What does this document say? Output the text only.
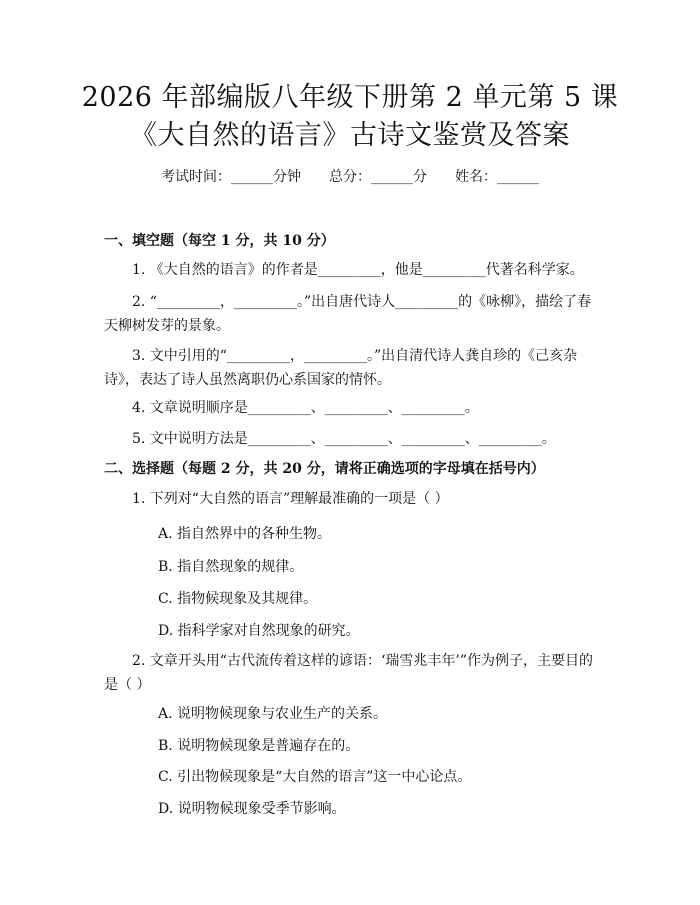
2026 年部编版八年级下册第 2 单元第 5 课
《大自然的语言》古诗文鉴赏及答案
考试时间：______分钟 总分：______分 姓名：______
一、填空题（每空 1 分，共 10 分）
1. 《大自然的语言》的作者是_________，他是_________代著名科学家。
2. “_________，_________。”出自唐代诗人_________的《咏柳》，描绘了春天柳树发芽的景象。
3. 文中引用的“_________，_________。”出自清代诗人龚自珍的《己亥杂诗》，表达了诗人虽然离职仍心系国家的情怀。
4. 文章说明顺序是_________、_________、_________。
5. 文中说明方法是_________、_________、_________、_________。
二、选择题（每题 2 分，共 20 分，请将正确选项的字母填在括号内）
1. 下列对“大自然的语言”理解最准确的一项是（ ）
A. 指自然界中的各种生物。
B. 指自然现象的规律。
C. 指物候现象及其规律。
D. 指科学家对自然现象的研究。
2. 文章开头用“古代流传着这样的谚语：‘瑞雪兆丰年’”作为例子，主要目的是（ ）
A. 说明物候现象与农业生产的关系。
B. 说明物候现象是普遍存在的。
C. 引出物候现象是“大自然的语言”这一中心论点。
D. 说明物候现象受季节影响。
